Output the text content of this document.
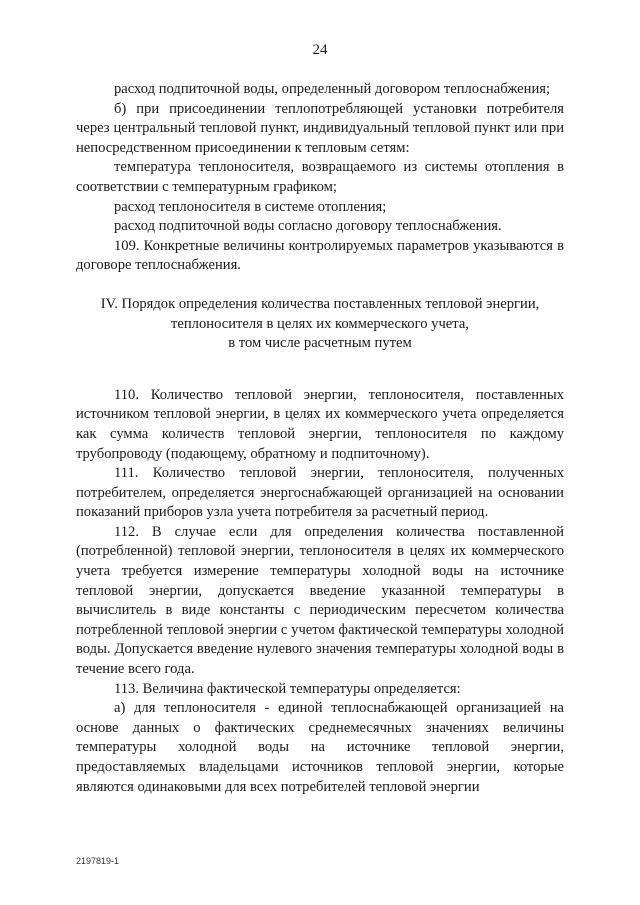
24

расход подпиточной воды, определенный договором теплоснабжения;

б) при присоединении теплопотребляющей установки потребителя через центральный тепловой пункт, индивидуальный тепловой пункт или при непосредственном присоединении к тепловым сетям:

температура теплоносителя, возвращаемого из системы отопления в соответствии с температурным графиком;

расход теплоносителя в системе отопления;

расход подпиточной воды согласно договору теплоснабжения.

109. Конкретные величины контролируемых параметров указываются в договоре теплоснабжения.

IV. Порядок определения количества поставленных тепловой энергии,
теплоносителя в целях их коммерческого учета,
в том числе расчетным путем

110. Количество тепловой энергии, теплоносителя, поставленных источником тепловой энергии, в целях их коммерческого учета определяется как сумма количеств тепловой энергии, теплоносителя по каждому трубопроводу (подающему, обратному и подпиточному).

111. Количество тепловой энергии, теплоносителя, полученных потребителем, определяется энергоснабжающей организацией на основании показаний приборов узла учета потребителя за расчетный период.

112. В случае если для определения количества поставленной (потребленной) тепловой энергии, теплоносителя в целях их коммерческого учета требуется измерение температуры холодной воды на источнике тепловой энергии, допускается введение указанной температуры в вычислитель в виде константы с периодическим пересчетом количества потребленной тепловой энергии с учетом фактической температуры холодной воды. Допускается введение нулевого значения температуры холодной воды в течение всего года.

113. Величина фактической температуры определяется:

а) для теплоносителя - единой теплоснабжающей организацией на основе данных о фактических среднемесячных значениях величины температуры холодной воды на источнике тепловой энергии, предоставляемых владельцами источников тепловой энергии, которые являются одинаковыми для всех потребителей тепловой энергии

2197819-1
